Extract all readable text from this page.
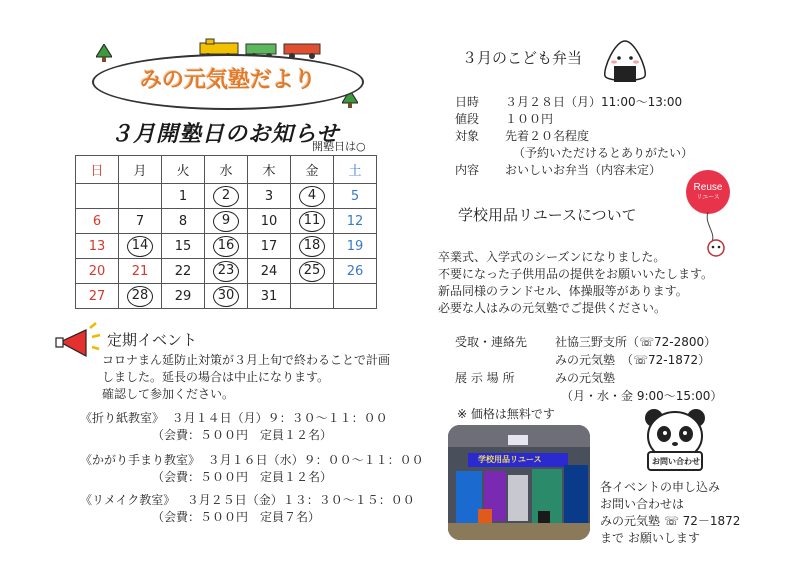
みの元気塾だより
３月開塾日のお知らせ
開塾日は○
日	月	火	水	木	金	土
		1	2	3	4	5
6	7	8	9	10	11	12
13	14	15	16	17	18	19
20	21	22	23	24	25	26
27	28	29	30	31		
定期イベント
コロナまん延防止対策が３月上旬で終わることで計画
しました。延長の場合は中止になります。
確認して参加ください。
《折り紙教室》 ３月１４日（月）９：３０～１１：００
（会費：５００円　定員１２名）
《かがり手まり教室》 ３月１６日（水）９：００～１１：００
（会費：５００円　定員１２名）
《リメイク教室》 ３月２５日（金）１３：３０～１５：００
（会費：５００円　定員７名）
３月のこども弁当
日時 ３月２８日（月）11:00～13:00
値段 １００円
対象 先着２０名程度
（予約いただけるとありがたい）
内容 おいしいお弁当（内容未定）
学校用品リユースについて
Reuse
リユース
卒業式、入学式のシーズンになりました。
不要になった子供用品の提供をお願いいたします。
新品同様のランドセル、体操服等があります。
必要な人はみの元気塾でご提供ください。
受取・連絡先 社協三野支所（☏72-2800）
みの元気塾　（☏72-1872）
展 示 場 所	みの元気塾
（月・水・金 9:00～15:00）
※ 価格は無料です
学校用品リユース	お問い合わせ
各イベントの申し込み
お問い合わせは
みの元気塾 ☏ 72－1872
まで お願いします
